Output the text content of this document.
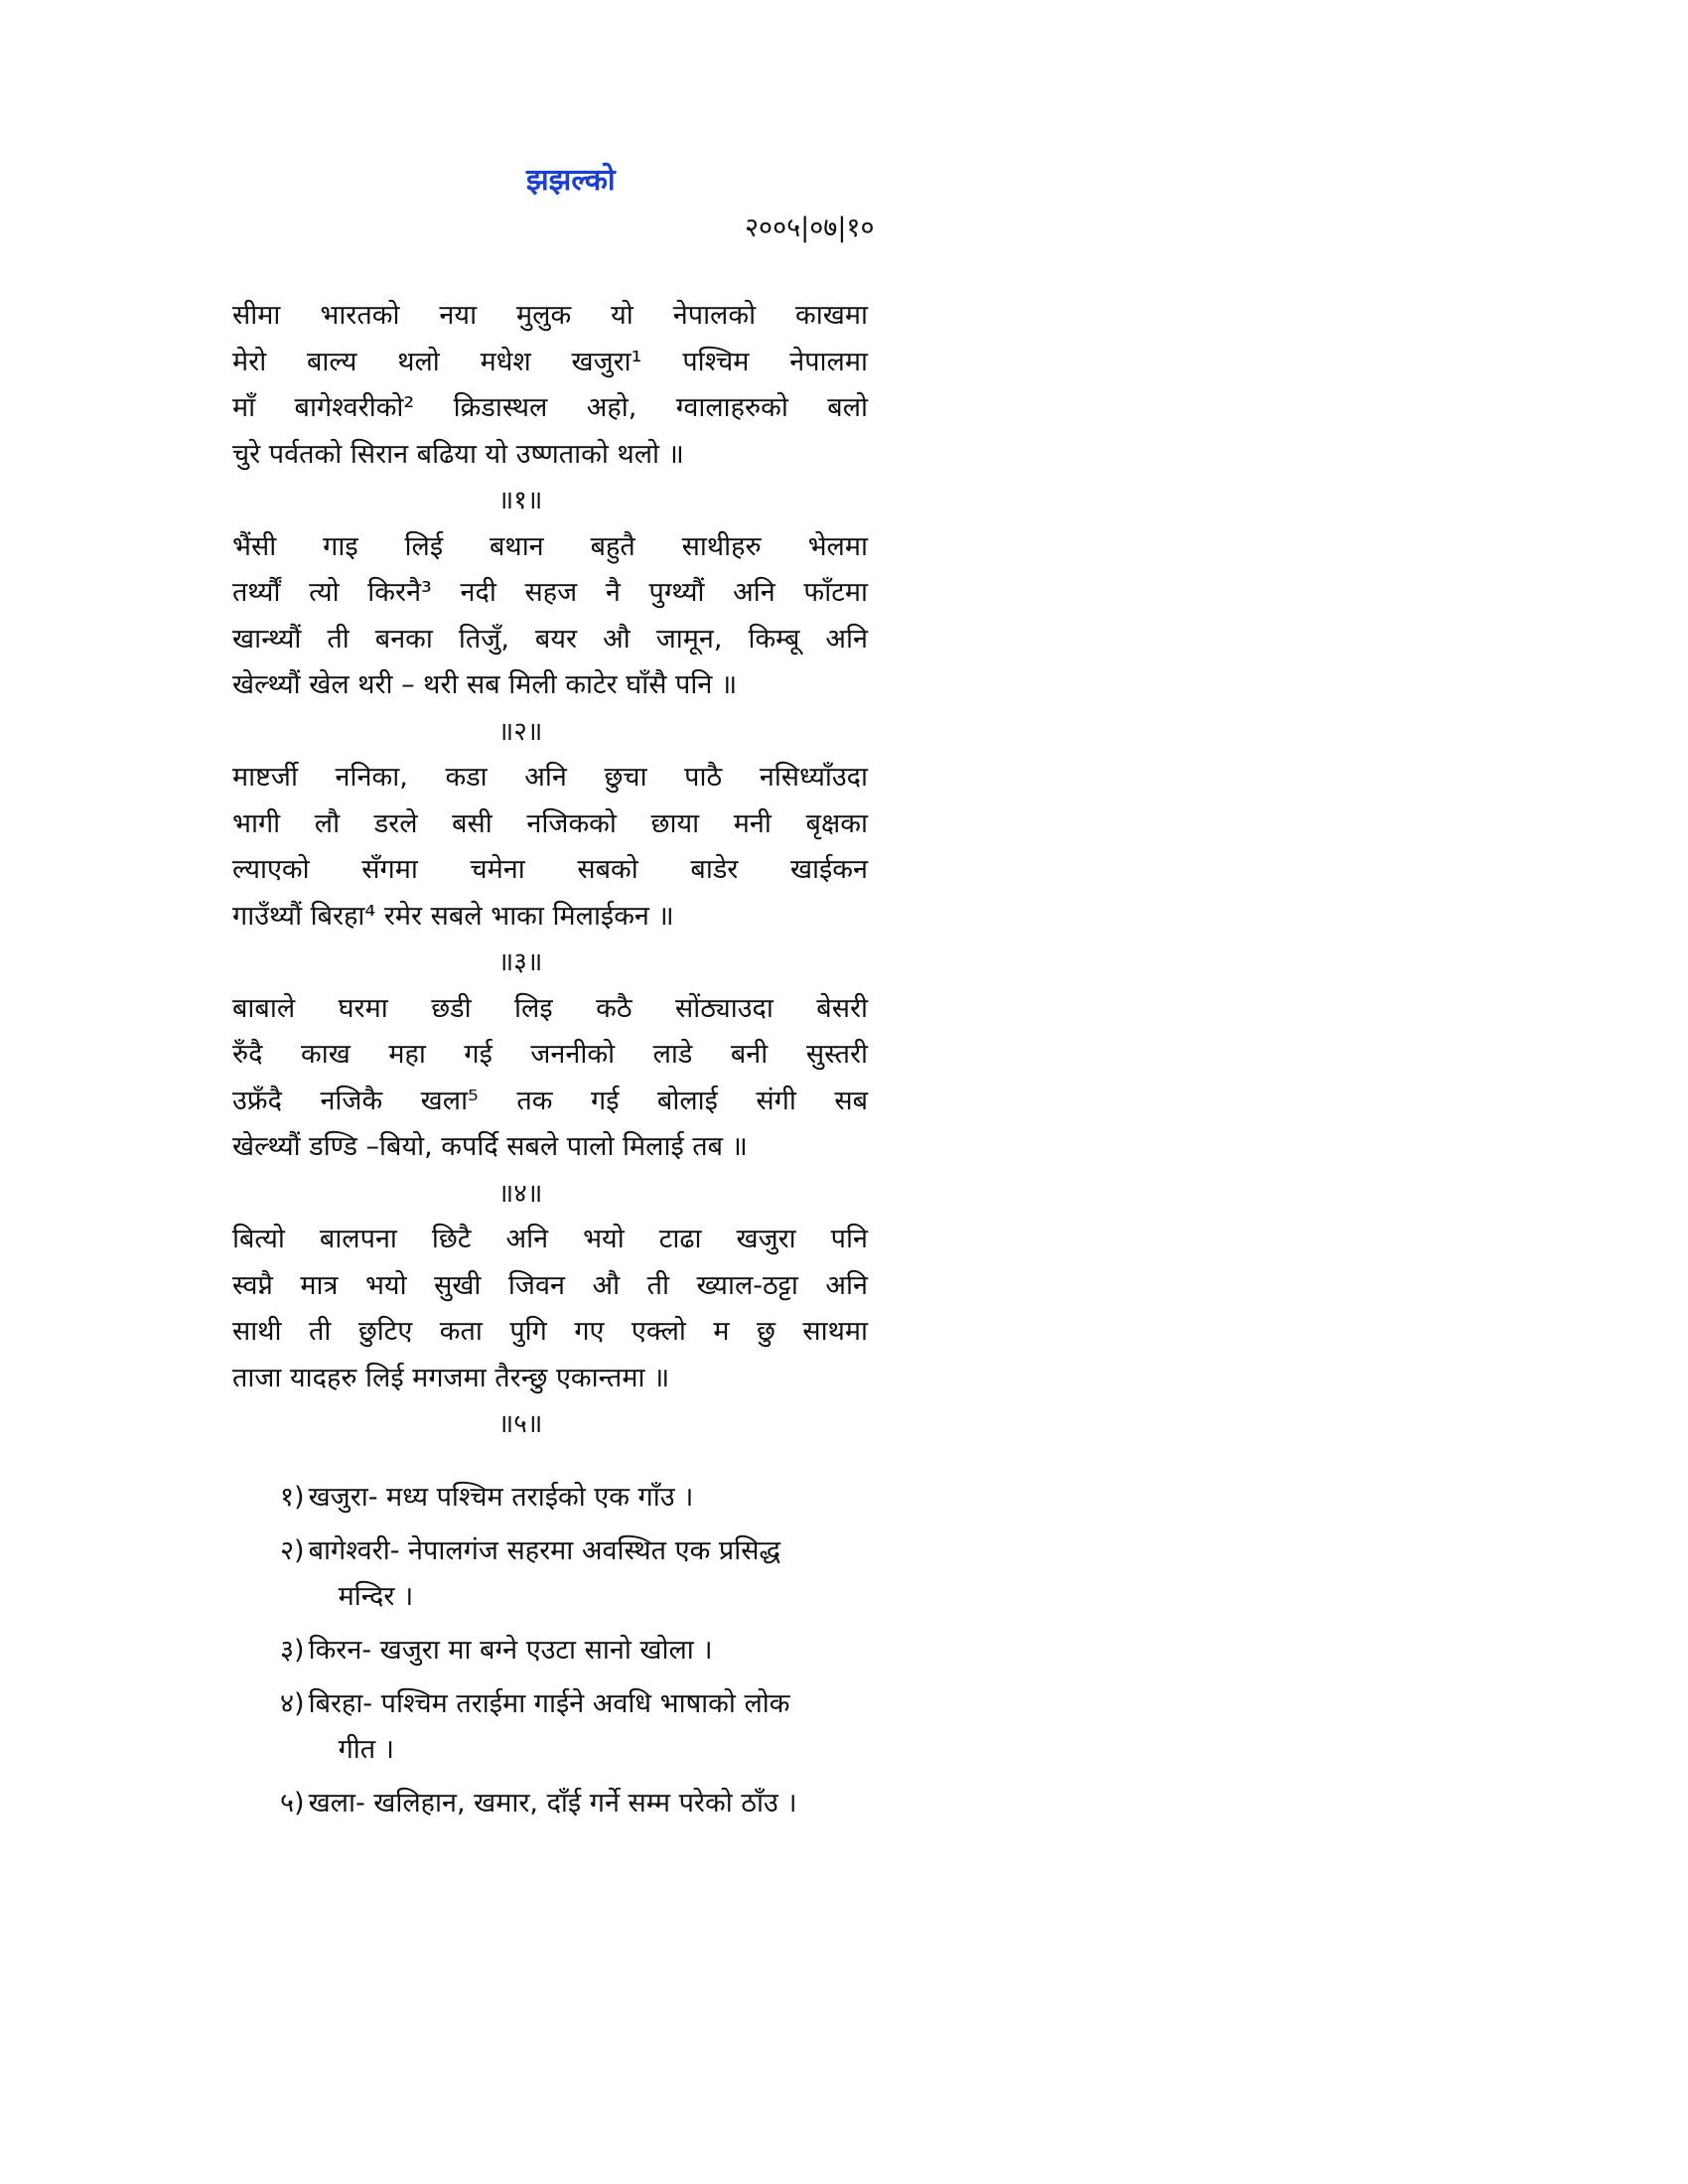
झझल्को
२००५|०७|१०
सीमा भारतको नया मुलुक यो नेपालको काखमा
मेरो बाल्य थलो मधेश खजुरा¹ पश्चिम नेपालमा
माँ बागेश्वरीको² क्रिडास्थल अहो, ग्वालाहरुको बलो
चुरे पर्वतको सिरान बढिया यो उष्णताको थलो ॥
॥१॥
भैंसी गाइ लिई बथान बहुतै साथीहरु भेलमा
तर्थ्यौं त्यो किरनै³ नदी सहज नै पुग्थ्यौं अनि फाँटमा
खान्थ्यौं ती बनका तिजुँ, बयर औ जामून, किम्बू अनि
खेल्थ्यौं खेल थरी – थरी सब मिली काटेर घाँसै पनि ॥
॥२॥
माष्टर्जी ननिका, कडा अनि छुचा पाठै नसिध्याँउदा
भागी लौ डरले बसी नजिकको छाया मनी बृक्षका
ल्याएको सँगमा चमेना सबको बाडेर खाईकन
गाउँथ्यौं बिरहा⁴ रमेर सबले भाका मिलाईकन ॥
॥३॥
बाबाले घरमा छडी लिइ कठै सोंठ्याउदा बेसरी
रुँदै काख महा गई जननीको लाडे बनी सुस्तरी
उफ्रँदै नजिकै खला⁵ तक गई बोलाई संगी सब
खेल्थ्यौं डण्डि –बियो, कपर्दि सबले पालो मिलाई तब ॥
॥४॥
बित्यो बालपना छिटै अनि भयो टाढा खजुरा पनि
स्वप्नै मात्र भयो सुखी जिवन औ ती ख्याल-ठट्टा अनि
साथी ती छुटिए कता पुगि गए एक्लो म छु साथमा
ताजा यादहरु लिई मगजमा तैरन्छु एकान्तमा ॥
॥५॥
१) खजुरा- मध्य पश्चिम तराईको एक गाँउ ।
२) बागेश्वरी- नेपालगंज सहरमा अवस्थित एक प्रसिद्ध
मन्दिर ।
३) किरन- खजुरा मा बग्ने एउटा सानो खोला ।
४) बिरहा- पश्चिम तराईमा गाईने अवधि भाषाको लोक
गीत ।
५) खला- खलिहान, खमार, दाँई गर्ने सम्म परेको ठाँउ ।
